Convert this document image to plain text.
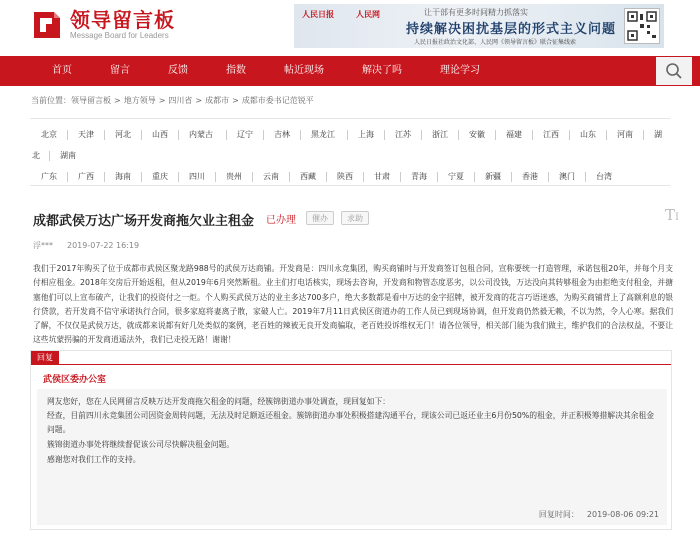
领导留言板
Message Board for Leaders
人民日报	人民网	让干部有更多时间精力抓落实
持续解决困扰基层的形式主义问题
人民日报社政治文化部、人民网《领导留言板》联合征集线索
首页	留言	反馈	指数	帖近现场	解决了吗	理论学习
当前位置：领导留言板 > 地方领导 > 四川省 > 成都市 > 成都市委书记范锐平
北京	天津	河北	山西	内蒙古	辽宁	吉林	黑龙江	上海	江苏	浙江	安徽	福建	江西	山东	河南	湖
北	湖南
广东	广西	海南	重庆	四川	贵州	云南	西藏	陕西	甘肃	青海	宁夏	新疆	香港	澳门	台湾
成都武侯万达广场开发商拖欠业主租金 已办理	催办	求助	TI
浮*** 2019-07-22 16:19
我们于2017年购买了位于成都市武侯区聚龙路988号的武侯万达商铺。开发商是：四川永竞集团，购买商铺时与开发商签订包租合同，宣称要统一打造管理，承诺包租20年，并每个月支付相应租金。2018年交房后开始返租，但从2019年6月突然断租。业主们打电话核实，现场去咨询，开发商和物管态度恶劣，以公司没钱，万达没向其转够租金为由拒绝支付租金，并搪塞他们可以上宣布破产，让我们的投资付之一炬。个人购买武侯万达的业主多达700多户，绝大多数都是看中万达的金字招牌，被开发商的花言巧语迷惑，为购买商铺背上了高额利息的银行贷款，若开发商不信守承诺执行合同，很多家庭将妻离子散，家破人亡。2019年7月11日武侯区街道办的工作人员已到现场协调，但开发商仍然毅无赖，不以为然，令人心寒。据我们了解，不仅仅是武侯万达，就成都来说都有好几处类似的案例，老百姓的辣被无良开发商骗取，老百姓投诉维权无门！请各位领导，相关部门能为我们做主，维护我们的合法权益，不要让这些坑蒙拐骗的开发商逍遥法外，我们已走投无路！谢谢！
回复
武侯区委办公室
网友您好，您在人民网留言反映万达开发商拖欠租金的问题，经簇锦街道办事处调查，现回复如下：
经查，目前四川永竞集团公司因资金周转问题，无法及时足额返还租金。簇锦街道办事处积极搭建沟通平台，现该公司已返还业主6月份50%的租金，并正积极筹措解决其余租金问题。
簇锦街道办事处将继续督促该公司尽快解决租金问题。
感谢您对我们工作的支持。
回复时间： 2019-08-06 09:21
